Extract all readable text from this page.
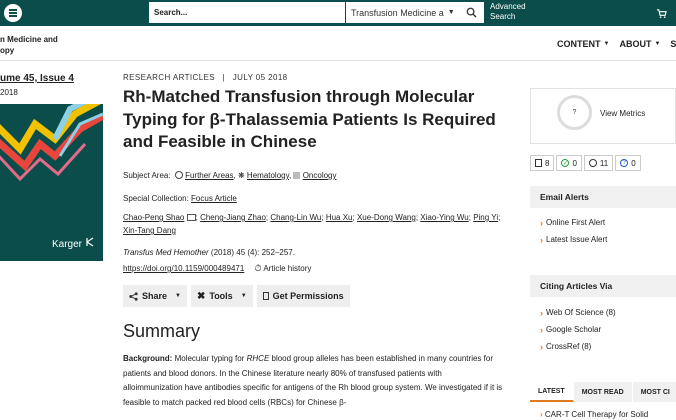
Search...	Transfusion Medicine a ▼
Advanced
Search
n Medicine and
opy
CONTENT ▼ ABOUT ▼ S
ume 45, Issue 4
2018
Karger
RESEARCH ARTICLES | JULY 05 2018
Rh-Matched Transfusion through Molecular Typing for β-Thalassemia Patients Is Required and Feasible in Chinese
Subject Area: Further Areas, ❋ Hematology,  Oncology
Special Collection: Focus Article
Chao-Peng Shao ; Cheng-Jiang Zhao; Chang-Lin Wu; Hua Xu; Xue-Dong Wang; Xiao-Ying Wu; Ping Yi; Xin-Tang Dang
Transfus Med Hemother (2018) 45 (4): 252–257.
https://doi.org/10.1159/000489471 ⏱ Article history
Share ▼ ✖ Tools ▼	Get Permissions
Summary

Background: Molecular typing for RHCE blood group alleles has been established in many countries for patients and blood donors. In the Chinese literature nearly 80% of transfused patients with alloimmunization have antibodies specific for antigens of the Rh blood group system. We investigated if it is feasible to match packed red blood cells (RBCs) for Chinese β-

?	View Metrics
8 ✓ 0	11	? 0
Email Alerts
› Online First Alert
› Latest Issue Alert
Citing Articles Via
› Web Of Science (8)
› Google Scholar
› CrossRef (8)
LATEST	MOST READ	MOST CI
› CAR-T Cell Therapy for Solid
